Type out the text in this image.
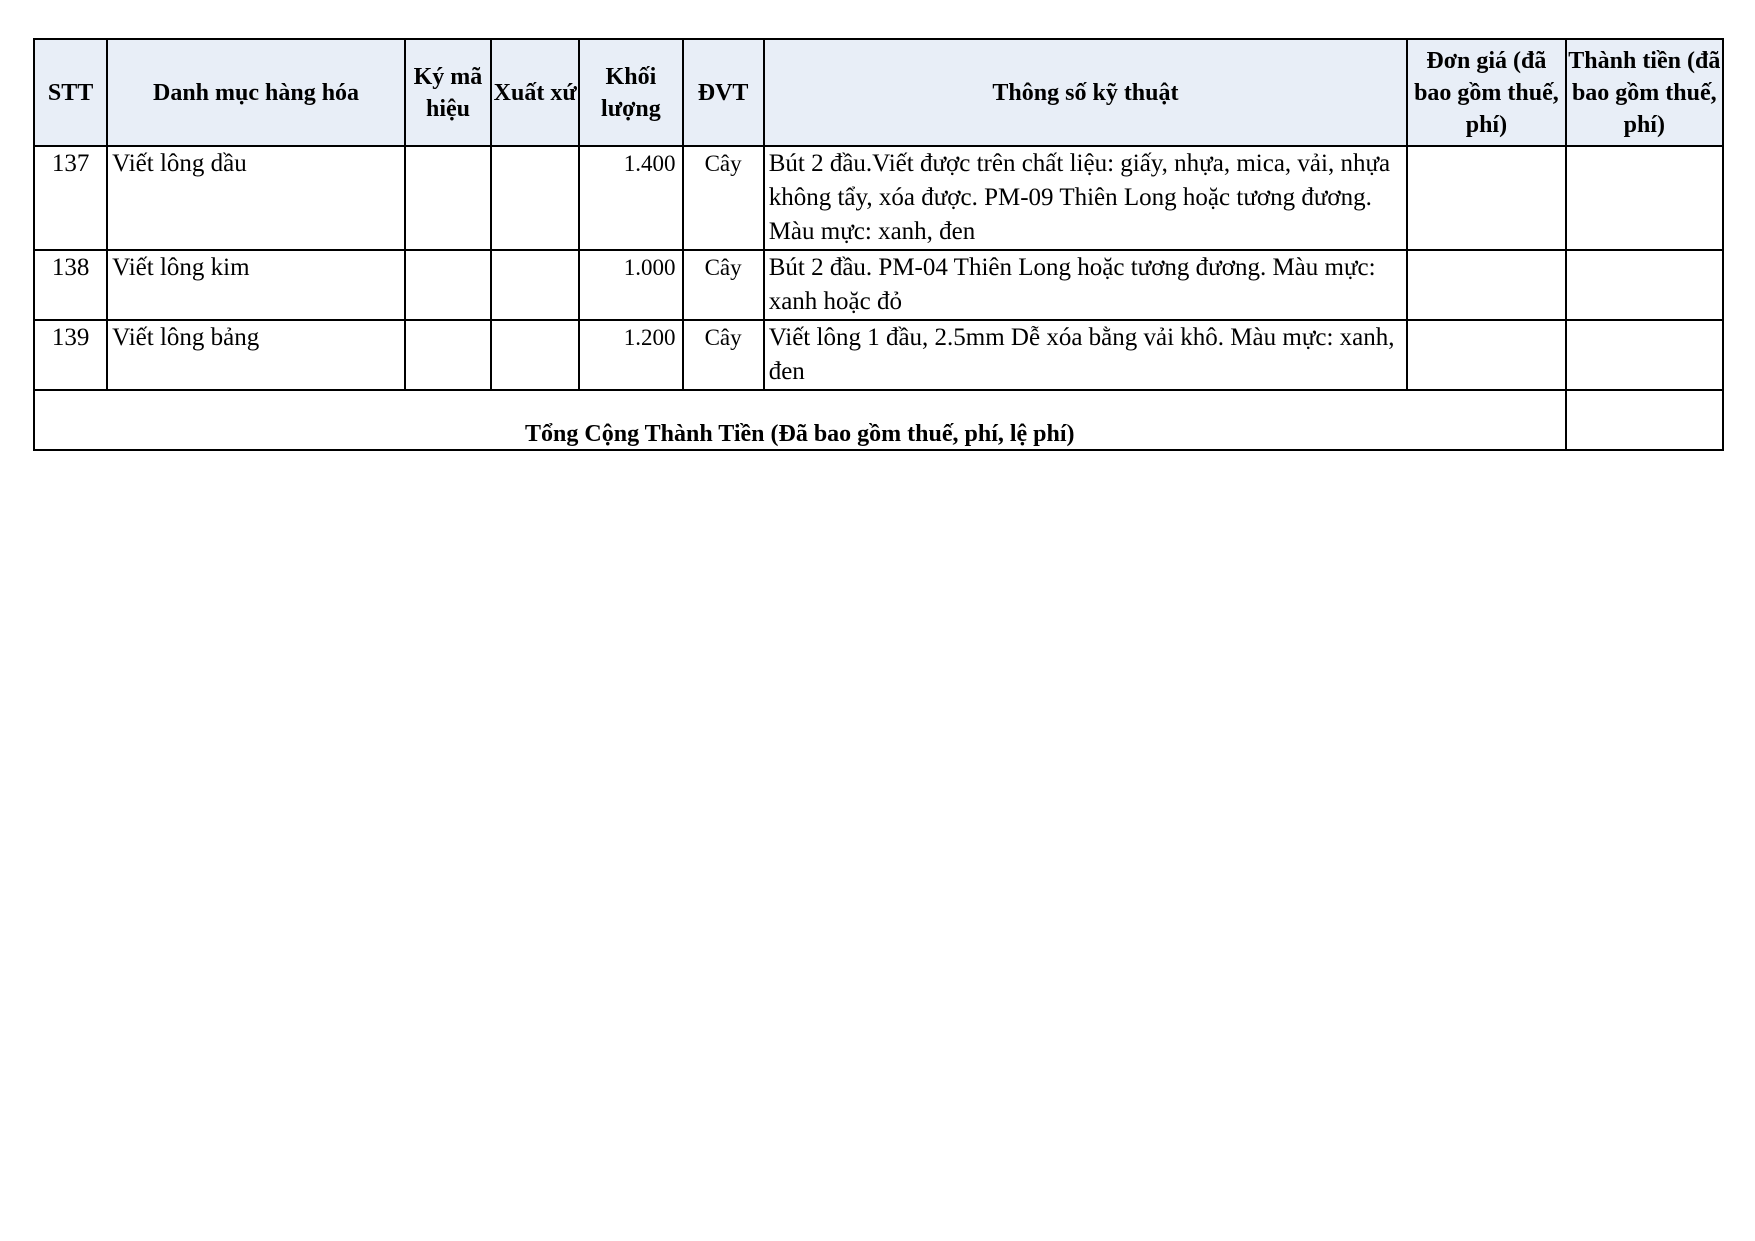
STT	Danh mục hàng hóa	Ký mã hiệu	Xuất xứ	Khối lượng	ĐVT	Thông số kỹ thuật	Đơn giá (đã bao gồm thuế, phí)	Thành tiền (đã bao gồm thuế, phí)
137	Viết lông dầu			1.400	Cây	Bút 2 đầu.Viết được trên chất liệu: giấy, nhựa, mica, vải, nhựa không tẩy, xóa được. PM-09 Thiên Long hoặc tương đương. Màu mực: xanh, đen		
138	Viết lông kim			1.000	Cây	Bút 2 đầu. PM-04 Thiên Long hoặc tương đương. Màu mực: xanh hoặc đỏ		
139	Viết lông bảng			1.200	Cây	Viết lông 1 đầu, 2.5mm Dễ xóa bằng vải khô. Màu mực: xanh, đen		
Tổng Cộng Thành Tiền (Đã bao gồm thuế, phí, lệ phí)								
